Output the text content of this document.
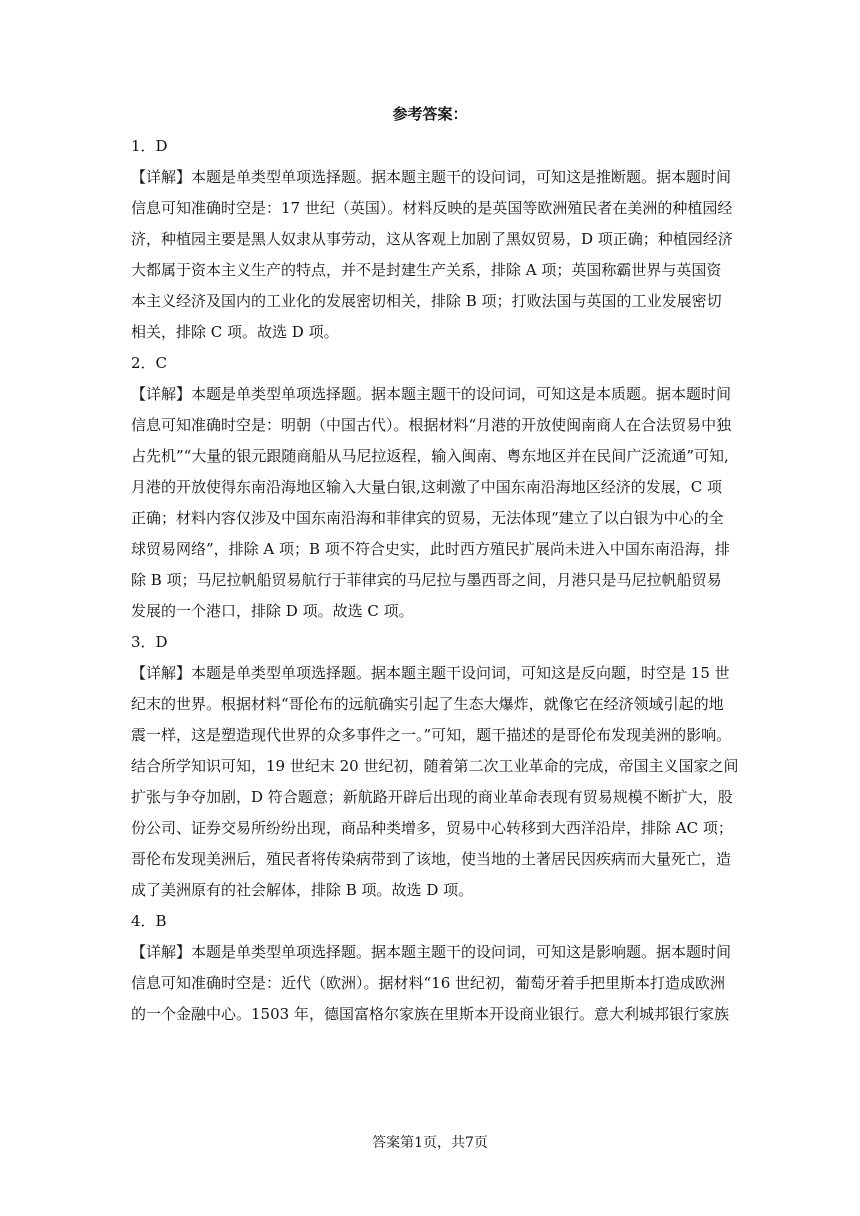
参考答案：
1．D
【详解】本题是单类型单项选择题。据本题主题干的设问词，可知这是推断题。据本题时间
信息可知准确时空是：17 世纪（英国）。材料反映的是英国等欧洲殖民者在美洲的种植园经
济，种植园主要是黑人奴隶从事劳动，这从客观上加剧了黑奴贸易，D 项正确；种植园经济
大都属于资本主义生产的特点，并不是封建生产关系，排除 A 项；英国称霸世界与英国资
本主义经济及国内的工业化的发展密切相关，排除 B 项；打败法国与英国的工业发展密切
相关，排除 C 项。故选 D 项。
2．C
【详解】本题是单类型单项选择题。据本题主题干的设问词，可知这是本质题。据本题时间
信息可知准确时空是：明朝（中国古代）。根据材料“月港的开放使闽南商人在合法贸易中独
占先机”“大量的银元跟随商船从马尼拉返程，输入闽南、粤东地区并在民间广泛流通”可知,
月港的开放使得东南沿海地区输入大量白银,这刺激了中国东南沿海地区经济的发展，C 项
正确；材料内容仅涉及中国东南沿海和菲律宾的贸易，无法体现“建立了以白银为中心的全
球贸易网络”，排除 A 项；B 项不符合史实，此时西方殖民扩展尚未进入中国东南沿海，排
除 B 项；马尼拉帆船贸易航行于菲律宾的马尼拉与墨西哥之间，月港只是马尼拉帆船贸易
发展的一个港口，排除 D 项。故选 C 项。
3．D
【详解】本题是单类型单项选择题。据本题主题干设问词，可知这是反向题，时空是 15 世
纪末的世界。根据材料“哥伦布的远航确实引起了生态大爆炸，就像它在经济领域引起的地
震一样，这是塑造现代世界的众多事件之一。”可知，题干描述的是哥伦布发现美洲的影响。
结合所学知识可知，19 世纪末 20 世纪初，随着第二次工业革命的完成，帝国主义国家之间
扩张与争夺加剧，D 符合题意；新航路开辟后出现的商业革命表现有贸易规模不断扩大，股
份公司、证券交易所纷纷出现，商品种类增多，贸易中心转移到大西洋沿岸，排除 AC 项；
哥伦布发现美洲后，殖民者将传染病带到了该地，使当地的土著居民因疾病而大量死亡，造
成了美洲原有的社会解体，排除 B 项。故选 D 项。
4．B
【详解】本题是单类型单项选择题。据本题主题干的设问词，可知这是影响题。据本题时间
信息可知准确时空是：近代（欧洲）。据材料“16 世纪初，葡萄牙着手把里斯本打造成欧洲
的一个金融中心。1503 年，德国富格尔家族在里斯本开设商业银行。意大利城邦银行家族
答案第1页，共7页
